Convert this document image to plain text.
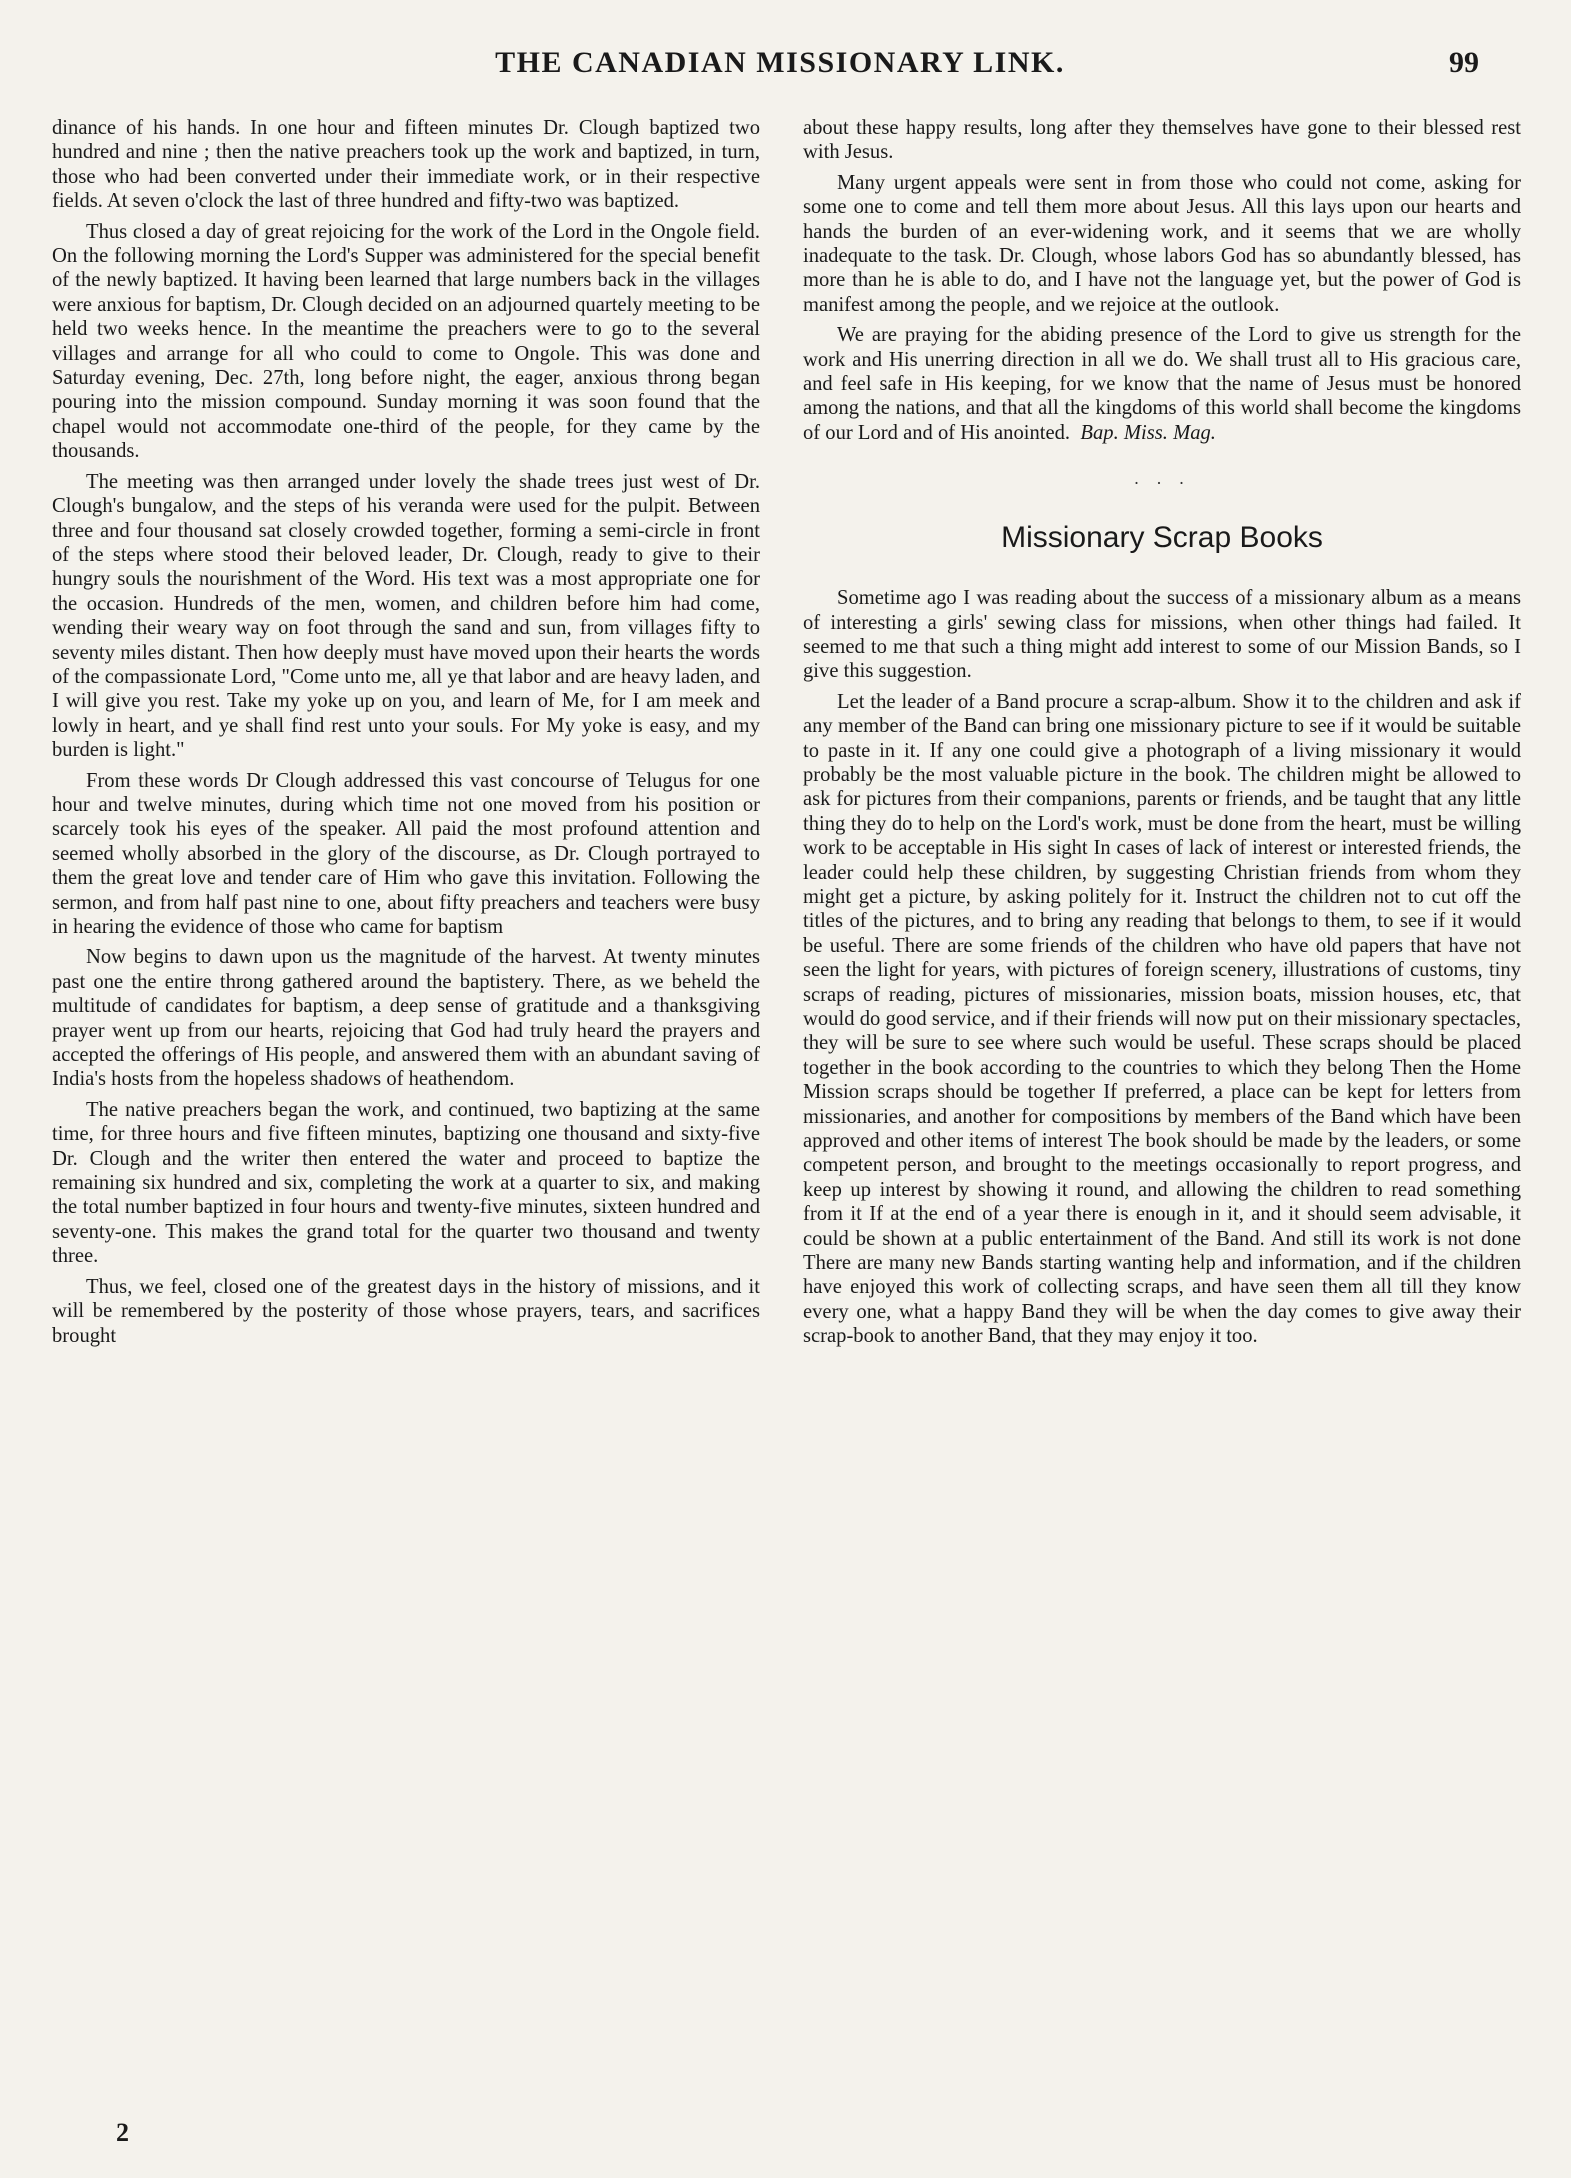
THE CANADIAN MISSIONARY LINK.	99

dinance of his hands. In one hour and fifteen minutes Dr. Clough baptized two hundred and nine ; then the native preachers took up the work and baptized, in turn, those who had been converted under their immediate work, or in their respective fields. At seven o'clock the last of three hundred and fifty-two was baptized.

Thus closed a day of great rejoicing for the work of the Lord in the Ongole field. On the following morning the Lord's Supper was administered for the special benefit of the newly baptized. It having been learned that large numbers back in the villages were anxious for baptism, Dr. Clough decided on an adjourned quartely meeting to be held two weeks hence. In the meantime the preachers were to go to the several villages and arrange for all who could to come to Ongole. This was done and Saturday evening, Dec. 27th, long before night, the eager, anxious throng began pouring into the mission compound. Sunday morning it was soon found that the chapel would not accommodate one-third of the people, for they came by the thousands.

The meeting was then arranged under lovely the shade trees just west of Dr. Clough's bungalow, and the steps of his veranda were used for the pulpit. Between three and four thousand sat closely crowded together, forming a semi-circle in front of the steps where stood their beloved leader, Dr. Clough, ready to give to their hungry souls the nourishment of the Word. His text was a most appropriate one for the occasion. Hundreds of the men, women, and children before him had come, wending their weary way on foot through the sand and sun, from villages fifty to seventy miles distant. Then how deeply must have moved upon their hearts the words of the compassionate Lord, "Come unto me, all ye that labor and are heavy laden, and I will give you rest. Take my yoke up on you, and learn of Me, for I am meek and lowly in heart, and ye shall find rest unto your souls. For My yoke is easy, and my burden is light."

From these words Dr Clough addressed this vast concourse of Telugus for one hour and twelve minutes, during which time not one moved from his position or scarcely took his eyes of the speaker. All paid the most profound attention and seemed wholly absorbed in the glory of the discourse, as Dr. Clough portrayed to them the great love and tender care of Him who gave this invitation. Following the sermon, and from half past nine to one, about fifty preachers and teachers were busy in hearing the evidence of those who came for baptism

Now begins to dawn upon us the magnitude of the harvest. At twenty minutes past one the entire throng gathered around the baptistery. There, as we beheld the multitude of candidates for baptism, a deep sense of gratitude and a thanksgiving prayer went up from our hearts, rejoicing that God had truly heard the prayers and accepted the offerings of His people, and answered them with an abundant saving of India's hosts from the hopeless shadows of heathendom.

The native preachers began the work, and continued, two baptizing at the same time, for three hours and five fifteen minutes, baptizing one thousand and sixty-five Dr. Clough and the writer then entered the water and proceed to baptize the remaining six hundred and six, completing the work at a quarter to six, and making the total number baptized in four hours and twenty-five minutes, sixteen hundred and seventy-one. This makes the grand total for the quarter two thousand and twenty three.

Thus, we feel, closed one of the greatest days in the history of missions, and it will be remembered by the posterity of those whose prayers, tears, and sacrifices brought

about these happy results, long after they themselves have gone to their blessed rest with Jesus.

Many urgent appeals were sent in from those who could not come, asking for some one to come and tell them more about Jesus. All this lays upon our hearts and hands the burden of an ever-widening work, and it seems that we are wholly inadequate to the task. Dr. Clough, whose labors God has so abundantly blessed, has more than he is able to do, and I have not the language yet, but the power of God is manifest among the people, and we rejoice at the outlook.

We are praying for the abiding presence of the Lord to give us strength for the work and His unerring direction in all we do. We shall trust all to His gracious care, and feel safe in His keeping, for we know that the name of Jesus must be honored among the nations, and that all the kingdoms of this world shall become the kingdoms of our Lord and of His anointed. Bap. Miss. Mag.

· · ·
Missionary Scrap Books

Sometime ago I was reading about the success of a missionary album as a means of interesting a girls' sewing class for missions, when other things had failed. It seemed to me that such a thing might add interest to some of our Mission Bands, so I give this suggestion.

Let the leader of a Band procure a scrap-album. Show it to the children and ask if any member of the Band can bring one missionary picture to see if it would be suitable to paste in it. If any one could give a photograph of a living missionary it would probably be the most valuable picture in the book. The children might be allowed to ask for pictures from their companions, parents or friends, and be taught that any little thing they do to help on the Lord's work, must be done from the heart, must be willing work to be acceptable in His sight In cases of lack of interest or interested friends, the leader could help these children, by suggesting Christian friends from whom they might get a picture, by asking politely for it. Instruct the children not to cut off the titles of the pictures, and to bring any reading that belongs to them, to see if it would be useful. There are some friends of the children who have old papers that have not seen the light for years, with pictures of foreign scenery, illustrations of customs, tiny scraps of reading, pictures of missionaries, mission boats, mission houses, etc, that would do good service, and if their friends will now put on their missionary spectacles, they will be sure to see where such would be useful. These scraps should be placed together in the book according to the countries to which they belong Then the Home Mission scraps should be together If preferred, a place can be kept for letters from missionaries, and another for compositions by members of the Band which have been approved and other items of interest The book should be made by the leaders, or some competent person, and brought to the meetings occasionally to report progress, and keep up interest by showing it round, and allowing the children to read something from it If at the end of a year there is enough in it, and it should seem advisable, it could be shown at a public entertainment of the Band. And still its work is not done There are many new Bands starting wanting help and information, and if the children have enjoyed this work of collecting scraps, and have seen them all till they know every one, what a happy Band they will be when the day comes to give away their scrap-book to another Band, that they may enjoy it too.

2
